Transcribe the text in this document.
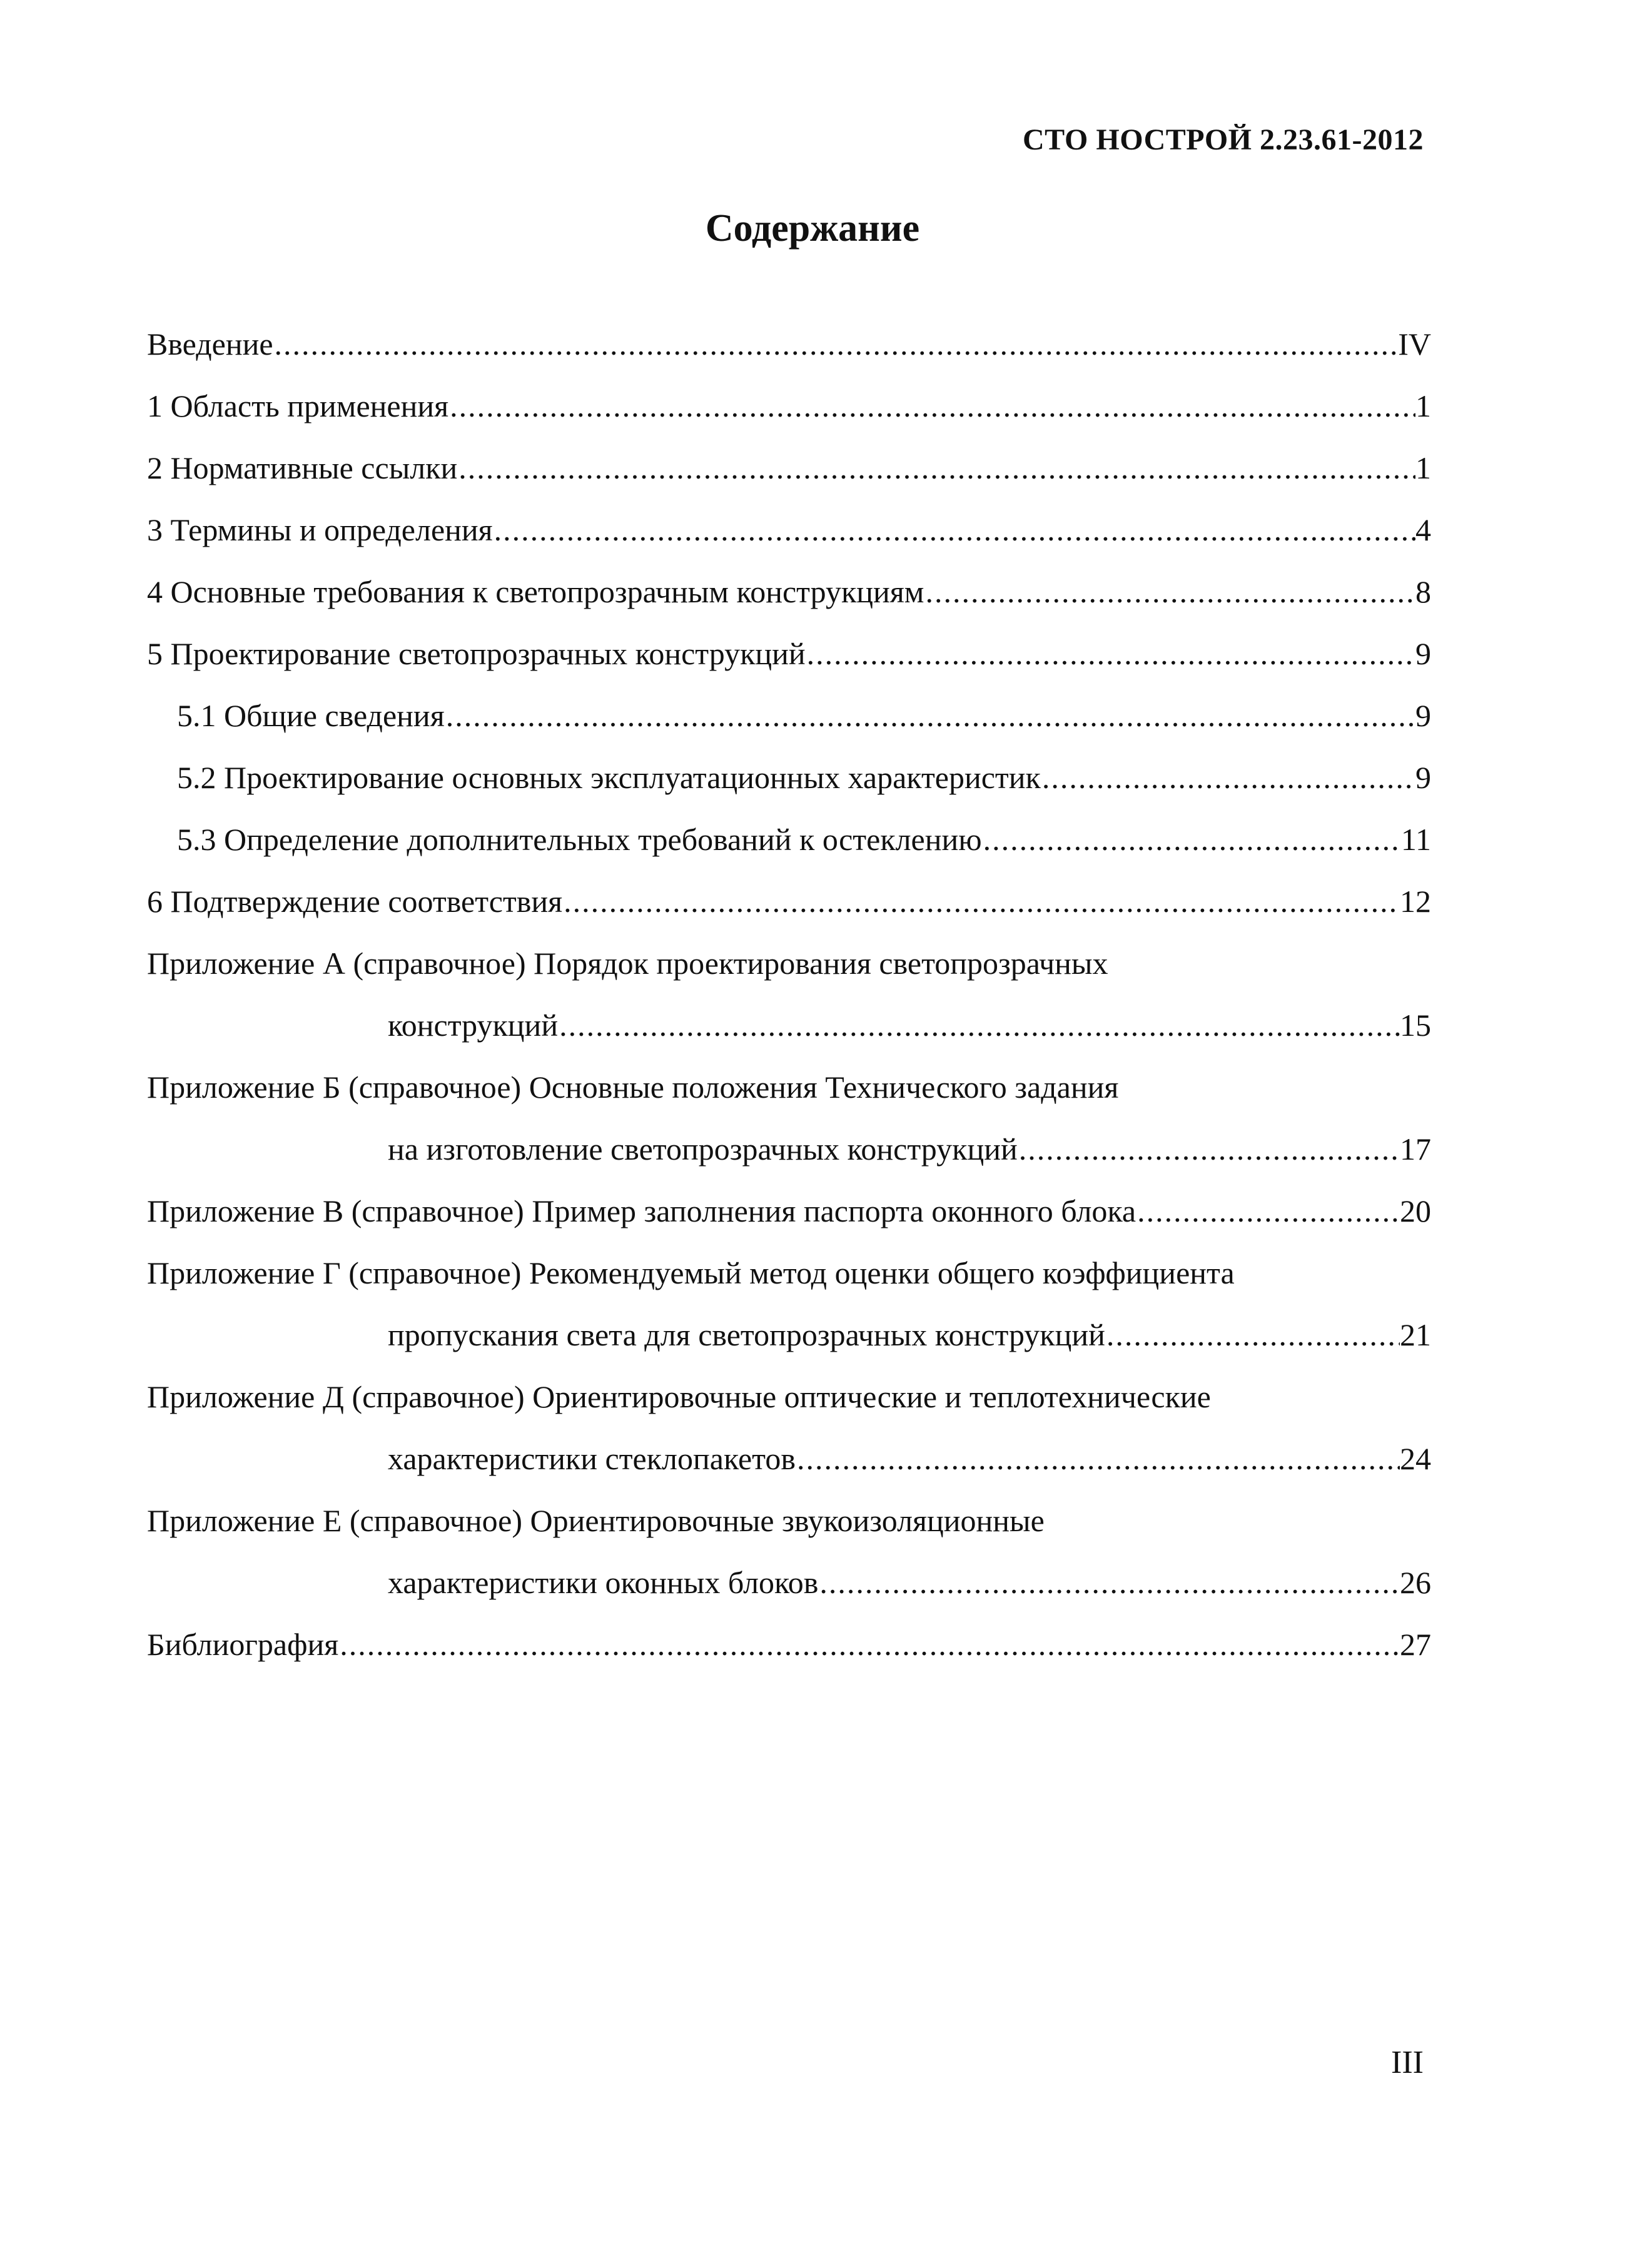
СТО НОСТРОЙ 2.23.61-2012
Содержание
Введение .....	IV
1 Область применения .....	1
2 Нормативные ссылки .....	1
3 Термины и определения .....	4
4 Основные требования к светопрозрачным конструкциям .....	8
5 Проектирование светопрозрачных конструкций .....	9
5.1 Общие сведения .....	9
5.2 Проектирование основных эксплуатационных характеристик .....	9
5.3 Определение дополнительных требований к остеклению .....	11
6 Подтверждение соответствия .....	12
Приложение А (справочное) Порядок проектирования светопрозрачных
конструкций .....	15
Приложение Б (справочное) Основные положения Технического задания
на изготовление светопрозрачных конструкций .....	17
Приложение В (справочное) Пример заполнения паспорта оконного блока .....	20
Приложение Г (справочное) Рекомендуемый метод оценки общего коэффициента
пропускания света для светопрозрачных конструкций .....	21
Приложение Д (справочное) Ориентировочные оптические и теплотехнические
характеристики стеклопакетов .....	24
Приложение Е (справочное) Ориентировочные звукоизоляционные
характеристики оконных блоков .....	26
Библиография .....	27
III
